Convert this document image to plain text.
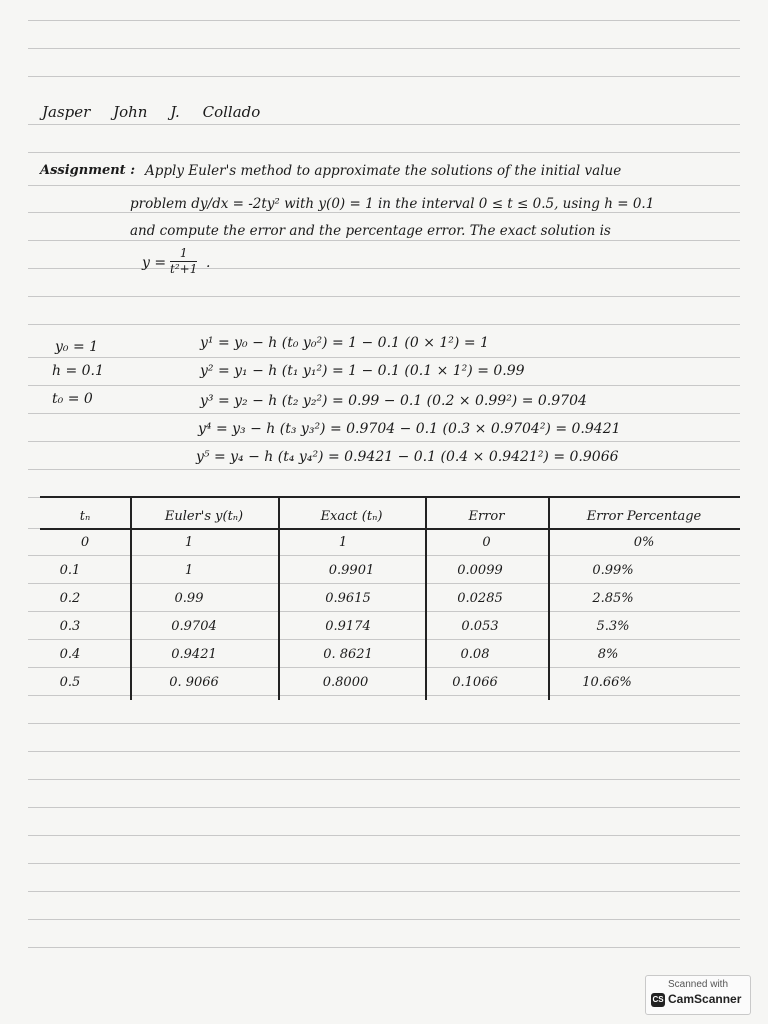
Jasper John J. Collado
Assignment : Apply Euler's method to approximate the solutions of the initial value
problem dy/dx = -2ty² with y(0) = 1 in the interval 0 ≤ t ≤ 0.5, using h = 0.1
and compute the error and the percentage error. The exact solution is
$y = \frac{1}{\text{t²+1}}$ .
y₀ = 1
h = 0.1
t₀ = 0
y¹ = y₀ − h (t₀ y₀²) = 1 − 0.1 (0 × 1²) = 1
y² = y₁ − h (t₁ y₁²) = 1 − 0.1 (0.1 × 1²) = 0.99
y³ = y₂ − h (t₂ y₂²) = 0.99 − 0.1 (0.2 × 0.99²) = 0.9704
y⁴ = y₃ − h (t₃ y₃²) = 0.9704 − 0.1 (0.3 × 0.9704²) = 0.9421
y⁵ = y₄ − h (t₄ y₄²) = 0.9421 − 0.1 (0.4 × 0.9421²) = 0.9066
tₙ	Euler's y(tₙ)	Exact (tₙ)	Error	Error Percentage
0	1	1	0	0%
0.1	1	0.9901	0.0099	0.99%
0.2	0.99	0.9615	0.0285	2.85%
0.3	0.9704	0.9174	0.053	5.3%
0.4	0.9421	0. 8621	0.08	8%
0.5	0. 9066	0.8000	0.1066	10.66%
Scanned with
CS CamScanner
